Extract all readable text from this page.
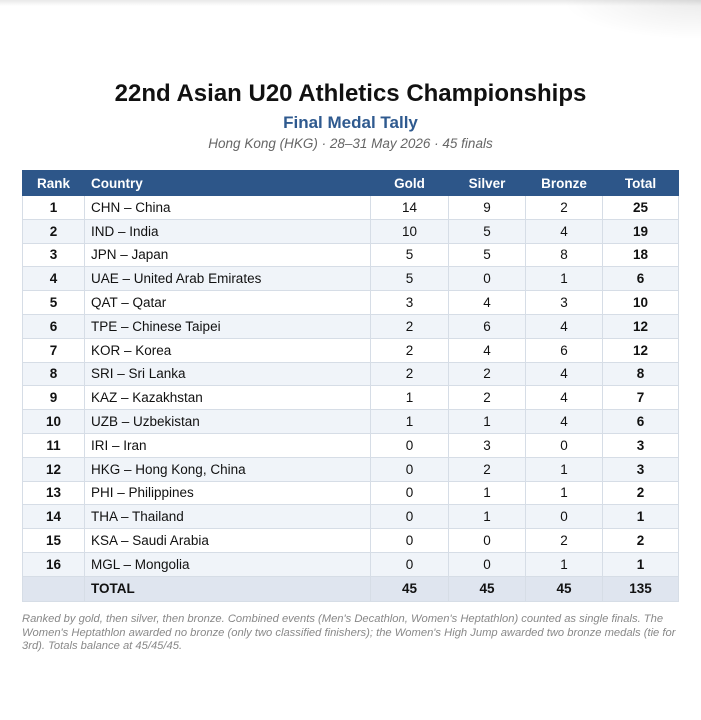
22nd Asian U20 Athletics Championships
Final Medal Tally
Hong Kong (HKG) · 28–31 May 2026 · 45 finals
Rank	Country	Gold	Silver	Bronze	Total
1	CHN – China	14	9	2	25
2	IND – India	10	5	4	19
3	JPN – Japan	5	5	8	18
4	UAE – United Arab Emirates	5	0	1	6
5	QAT – Qatar	3	4	3	10
6	TPE – Chinese Taipei	2	6	4	12
7	KOR – Korea	2	4	6	12
8	SRI – Sri Lanka	2	2	4	8
9	KAZ – Kazakhstan	1	2	4	7
10	UZB – Uzbekistan	1	1	4	6
11	IRI – Iran	0	3	0	3
12	HKG – Hong Kong, China	0	2	1	3
13	PHI – Philippines	0	1	1	2
14	THA – Thailand	0	1	0	1
15	KSA – Saudi Arabia	0	0	2	2
16	MGL – Mongolia	0	0	1	1
	TOTAL	45	45	45	135
Ranked by gold, then silver, then bronze. Combined events (Men's Decathlon, Women's Heptathlon) counted as single finals. The Women's Heptathlon awarded no bronze (only two classified finishers); the Women's High Jump awarded two bronze medals (tie for 3rd). Totals balance at 45/45/45.
